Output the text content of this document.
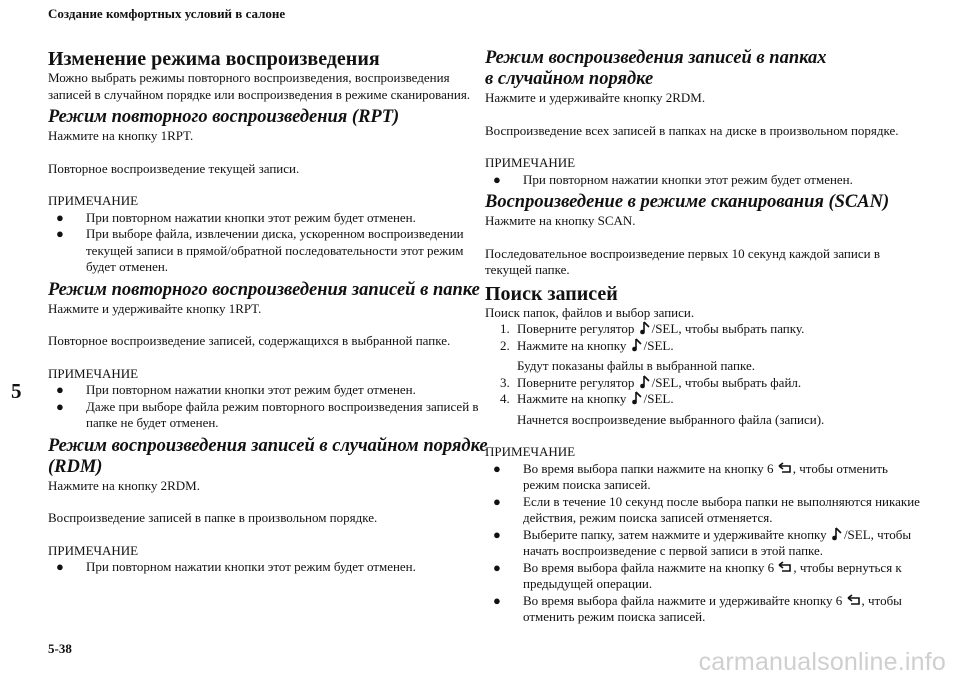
Создание комфортных условий в салоне
5
Изменение режима воспроизведения

Можно выбрать режимы повторного воспроизведения, воспроизведения записей в случайном порядке или воспроизведения в режиме сканирования.

Режим повторного воспроизведения (RPT)

Нажмите на кнопку 1RPT.

Повторное воспроизведение текущей записи.

ПРИМЕЧАНИЕ

● При повторном нажатии кнопки этот режим будет отменен.
● При выборе файла, извлечении диска, ускоренном воспроизведении текущей записи в прямой/обратной последовательности этот режим будет отменен.
Режим повторного воспроизведения записей в папке

Нажмите и удерживайте кнопку 1RPT.

Повторное воспроизведение записей, содержащихся в выбранной папке.

ПРИМЕЧАНИЕ

● При повторном нажатии кнопки этот режим будет отменен.
● Даже при выборе файла режим повторного воспроизведения записей в папке не будет отменен.
Режим воспроизведения записей в случайном порядке (RDM)

Нажмите на кнопку 2RDM.

Воспроизведение записей в папке в произвольном порядке.

ПРИМЕЧАНИЕ

● При повторном нажатии кнопки этот режим будет отменен.
Режим воспроизведения записей в папках
в случайном порядке

Нажмите и удерживайте кнопку 2RDM.

Воспроизведение всех записей в папках на диске в произвольном порядке.

ПРИМЕЧАНИЕ

● При повторном нажатии кнопки этот режим будет отменен.
Воспроизведение в режиме сканирования (SCAN)

Нажмите на кнопку SCAN.

Последовательное воспроизведение первых 10 секунд каждой записи в текущей папке.

Поиск записей

Поиск папок, файлов и выбор записи.

1. Поверните регулятор /SEL, чтобы выбрать папку.
2. Нажмите на кнопку /SEL.

Будут показаны файлы в выбранной папке.

3. Поверните регулятор /SEL, чтобы выбрать файл.
4. Нажмите на кнопку /SEL.

Начнется воспроизведение выбранного файла (записи).

ПРИМЕЧАНИЕ

● Во время выбора папки нажмите на кнопку 6 , чтобы отменить режим поиска записей.
● Если в течение 10 секунд после выбора папки не выполняются никакие действия, режим поиска записей отменяется.
● Выберите папку, затем нажмите и удерживайте кнопку /SEL, чтобы начать воспроизведение с первой записи в этой папке.
● Во время выбора файла нажмите на кнопку 6 , чтобы вернуться к предыдущей операции.
● Во время выбора файла нажмите и удерживайте кнопку 6 , чтобы отменить режим поиска записей.
5-38	carmanualsonline.info
